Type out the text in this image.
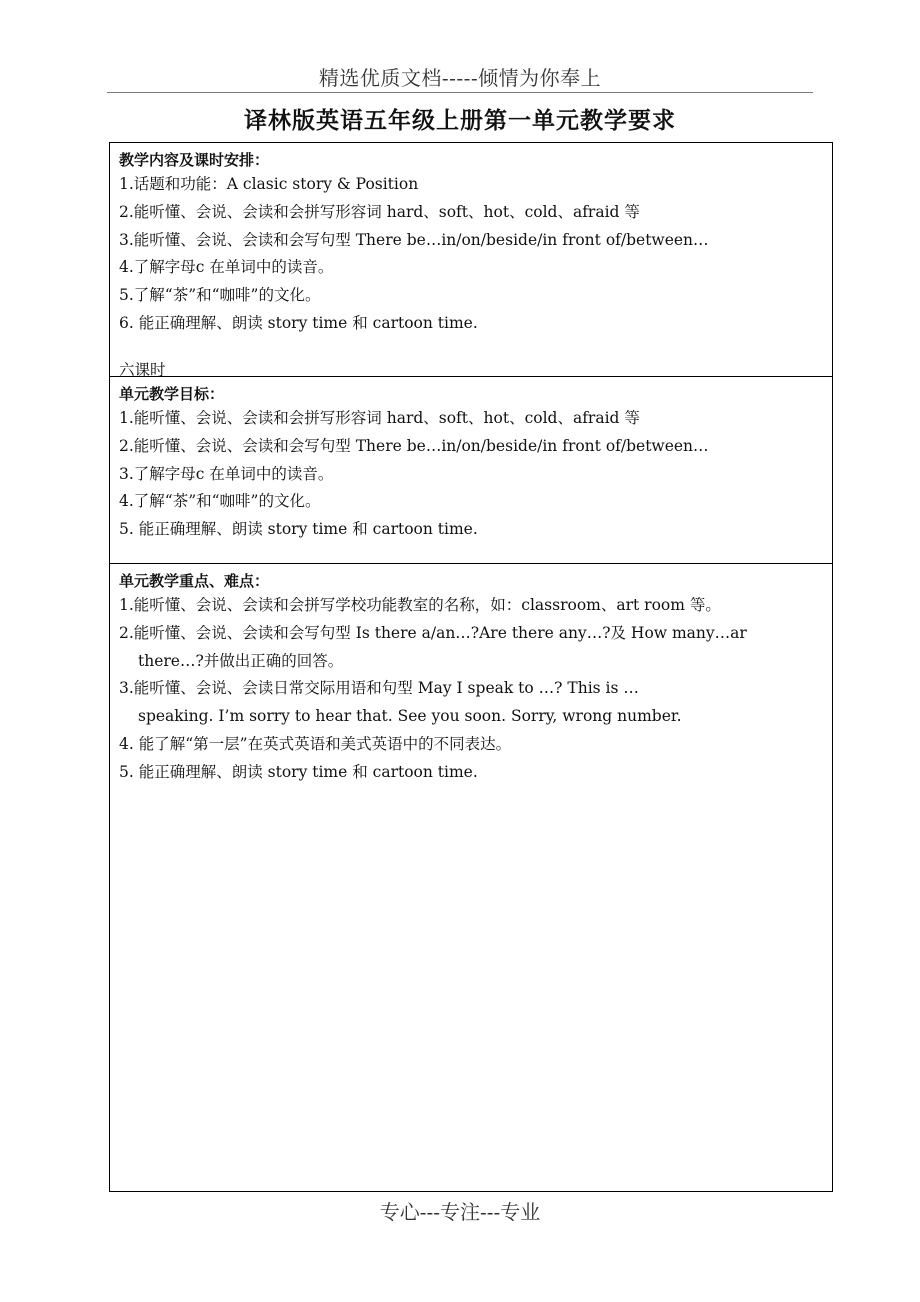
精选优质文档-----倾情为你奉上
译林版英语五年级上册第一单元教学要求
教学内容及课时安排：
1.话题和功能：A clasic story & Position
2.能听懂、会说、会读和会拼写形容词 hard、soft、hot、cold、afraid 等
3.能听懂、会说、会读和会写句型 There be…in/on/beside/in front of/between…
4.了解字母c 在单词中的读音。
5.了解“茶”和“咖啡”的文化。
6. 能正确理解、朗读 story time 和 cartoon time.
六课时
单元教学目标：
1.能听懂、会说、会读和会拼写形容词 hard、soft、hot、cold、afraid 等
2.能听懂、会说、会读和会写句型 There be…in/on/beside/in front of/between…
3.了解字母c 在单词中的读音。
4.了解“茶”和“咖啡”的文化。
5. 能正确理解、朗读 story time 和 cartoon time.
单元教学重点、难点：
1.能听懂、会说、会读和会拼写学校功能教室的名称，如：classroom、art room 等。
2.能听懂、会说、会读和会写句型 Is there a/an…?Are there any…?及 How many…ar
there…?并做出正确的回答。
3.能听懂、会说、会读日常交际用语和句型 May I speak to …? This is …
speaking. I’m sorry to hear that. See you soon. Sorry, wrong number.
4. 能了解“第一层”在英式英语和美式英语中的不同表达。
5. 能正确理解、朗读 story time 和 cartoon time.
专心---专注---专业
